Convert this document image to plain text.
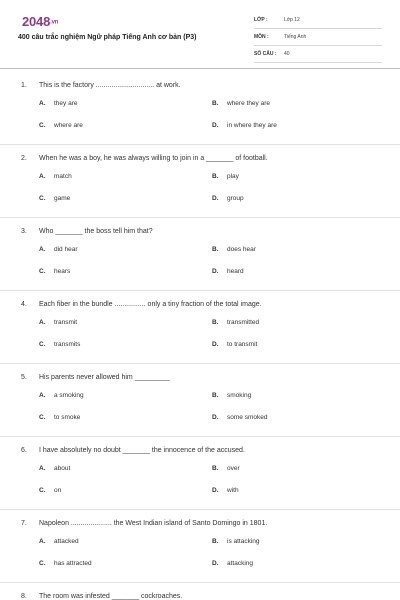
2048.vn
400 câu trắc nghiệm Ngữ pháp Tiếng Anh cơ bản (P3)
LỚP :	Lớp 12
MÔN :	Tiếng Anh
SỐ CÂU : 40
1. This is the factory .............................. at work.
A. they are	B. where they are
C. where are	D. in where they are
2. When he was a boy, he was always willing to join in a _______ of football.
A. match	B. play
C. game	D. group
3. Who _______ the boss tell him that?
A. did hear	B. does hear
C. hears	D. heard
4. Each fiber in the bundle ................ only a tiny fraction of the total image.
A. transmit	B. transmitted
C. transmits	D. to transmit
5. His parents never allowed him _________
A. a smoking	B. smoking
C. to smoke	D. some smoked
6. I have absolutely no doubt _______ the innocence of the accused.
A. about	B. over
C. on	D. with
7. Napoleon ..................... the West Indian island of Santo Domingo in 1801.
A. attacked	B. is attacking
C. has attracted	D. attacking
8. The room was infested _______ cockroaches.
